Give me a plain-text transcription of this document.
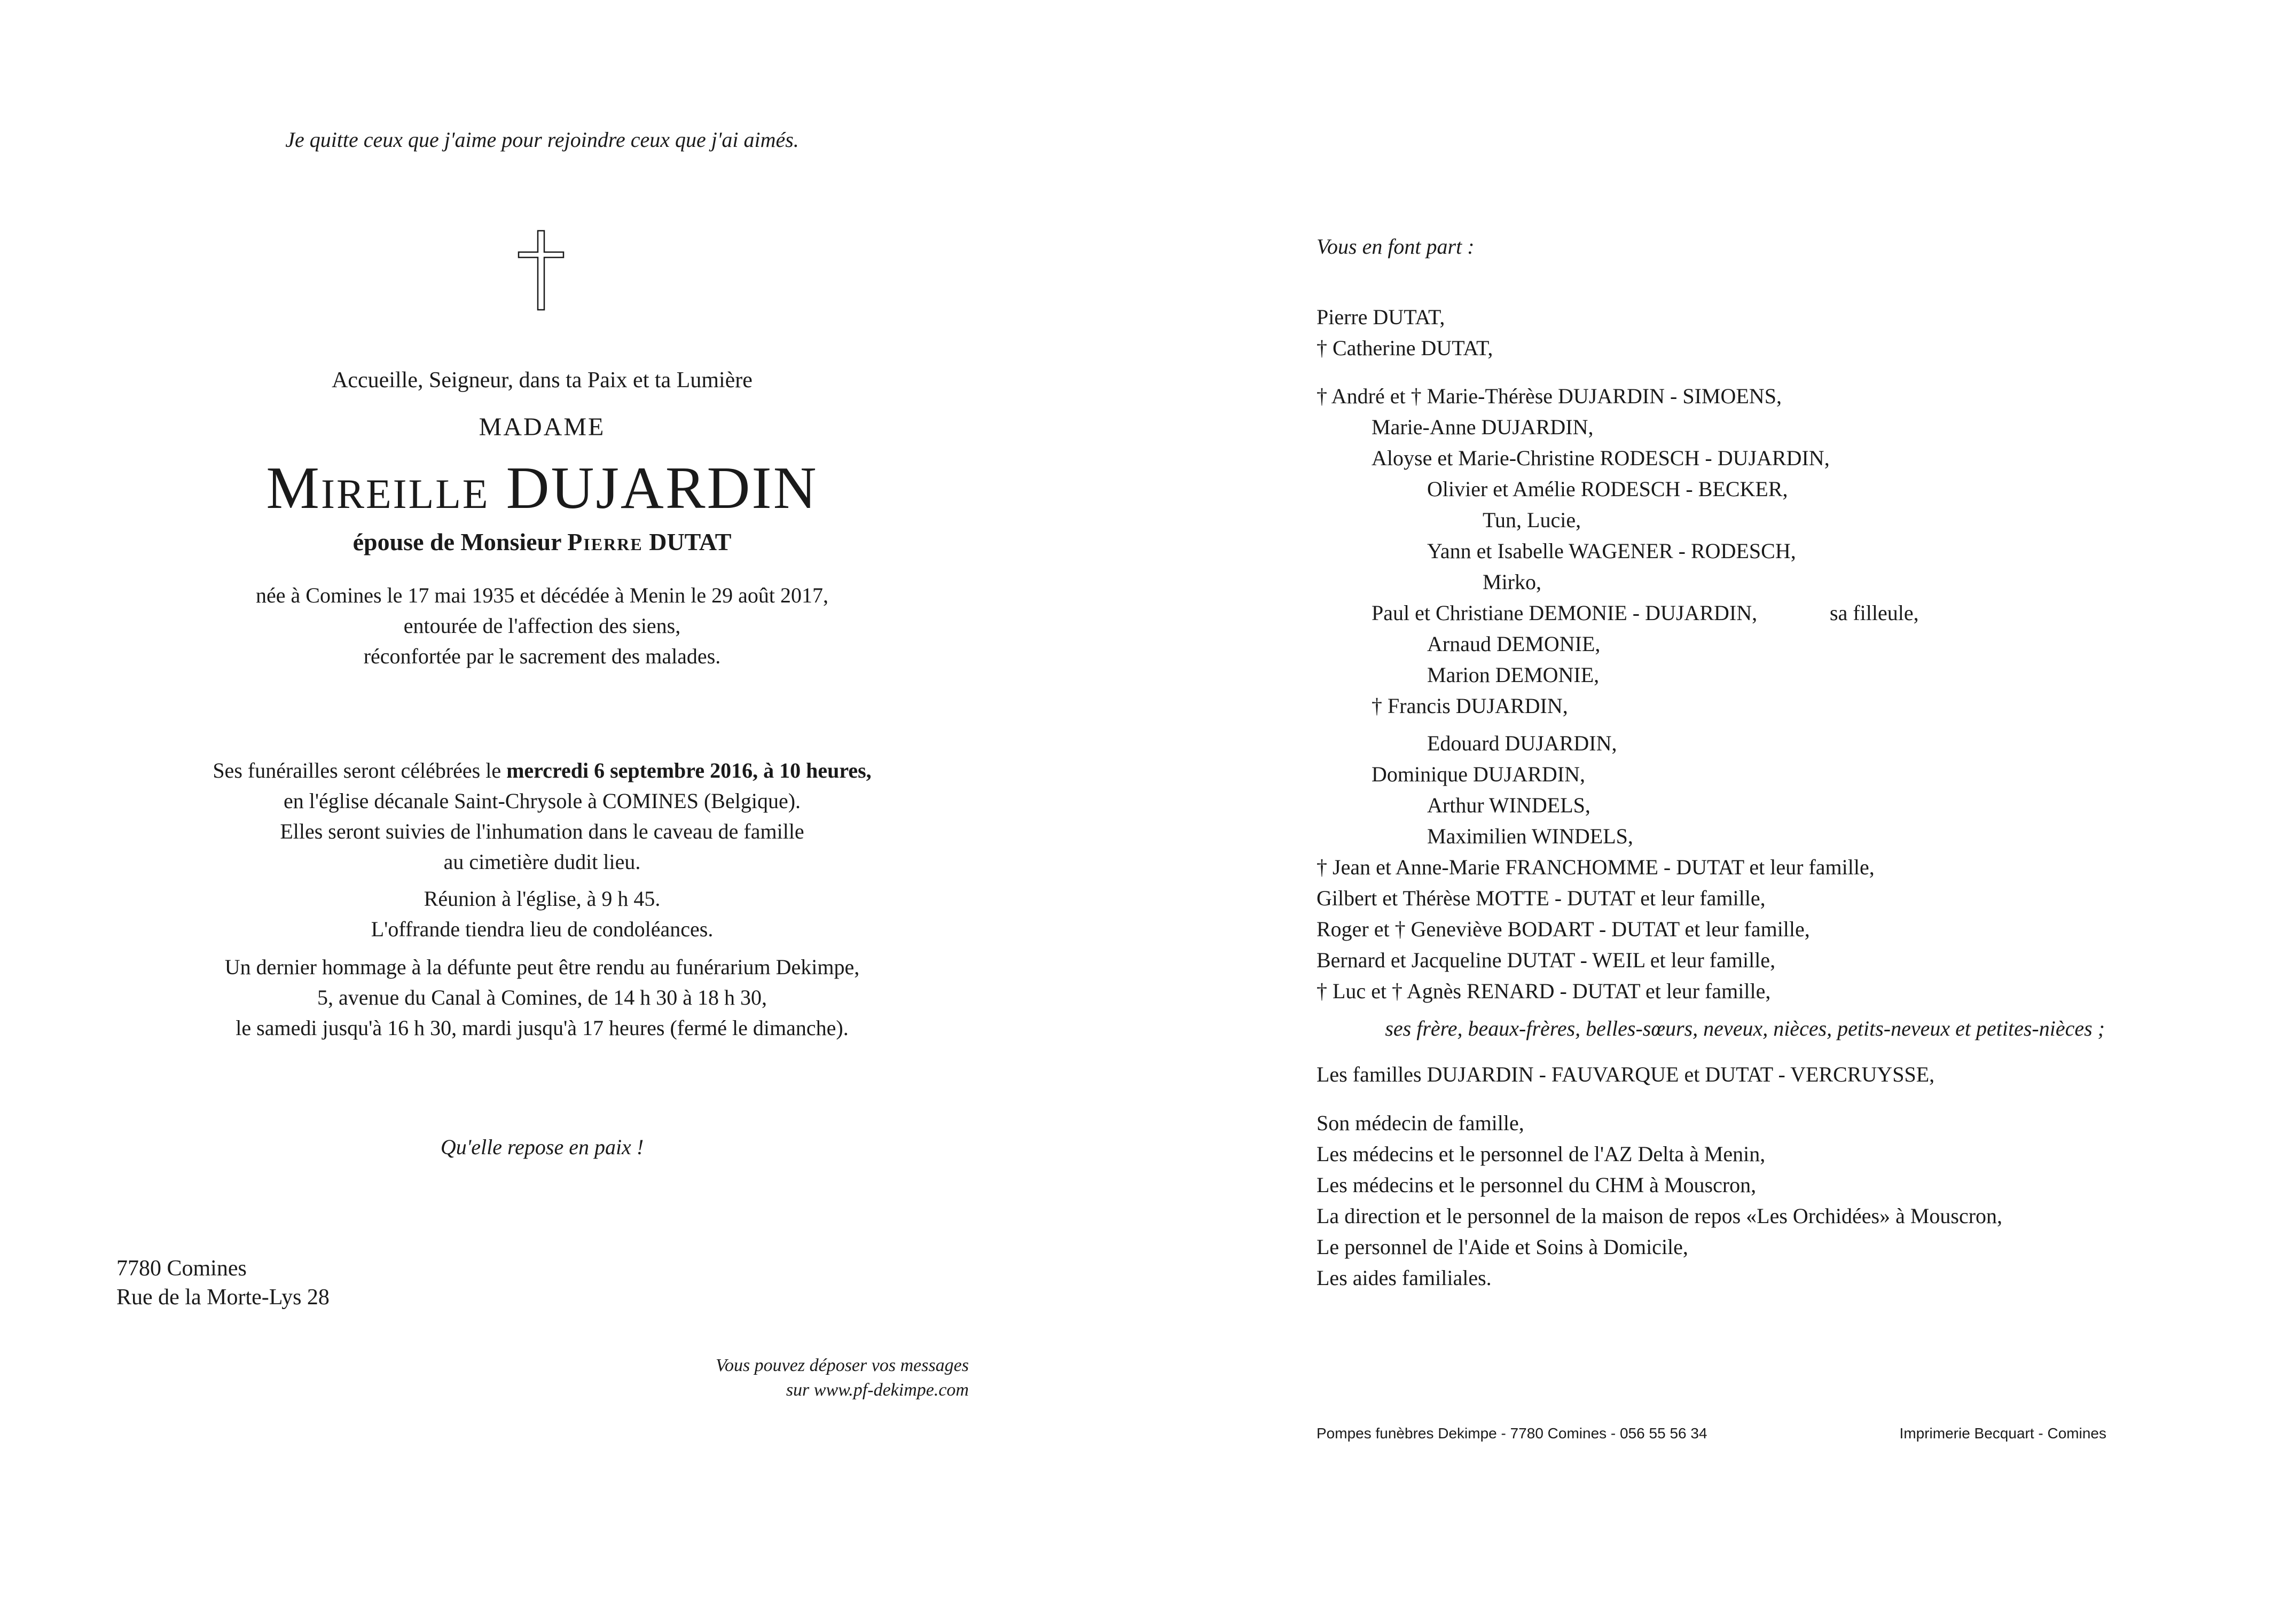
Je quitte ceux que j'aime pour rejoindre ceux que j'ai aimés.
Accueille, Seigneur, dans ta Paix et ta Lumière
MADAME
Mireille DUJARDIN
épouse de Monsieur Pierre DUTAT
née à Comines le 17 mai 1935 et décédée à Menin le 29 août 2017,
entourée de l'affection des siens,
réconfortée par le sacrement des malades.
Ses funérailles seront célébrées le mercredi 6 septembre 2016, à 10 heures,
en l'église décanale Saint-Chrysole à COMINES (Belgique).
Elles seront suivies de l'inhumation dans le caveau de famille
au cimetière dudit lieu.
Réunion à l'église, à 9 h 45.
L'offrande tiendra lieu de condoléances.
Un dernier hommage à la défunte peut être rendu au funérarium Dekimpe,
5, avenue du Canal à Comines, de 14 h 30 à 18 h 30,
le samedi jusqu'à 16 h 30, mardi jusqu'à 17 heures (fermé le dimanche).
Qu'elle repose en paix !
7780 Comines
Rue de la Morte-Lys 28
Vous pouvez déposer vos messages
sur www.pf-dekimpe.com
Vous en font part :
Pierre DUTAT,
† Catherine DUTAT,
† André et † Marie-Thérèse DUJARDIN - SIMOENS,
Marie-Anne DUJARDIN,
Aloyse et Marie-Christine RODESCH - DUJARDIN,
Olivier et Amélie RODESCH - BECKER,
Tun, Lucie,
Yann et Isabelle WAGENER - RODESCH,
Mirko,
Paul et Christiane DEMONIE - DUJARDIN,	sa filleule,
Arnaud DEMONIE,
Marion DEMONIE,
† Francis DUJARDIN,
Edouard DUJARDIN,
Dominique DUJARDIN,
Arthur WINDELS,
Maximilien WINDELS,
† Jean et Anne-Marie FRANCHOMME - DUTAT et leur famille,
Gilbert et Thérèse MOTTE - DUTAT et leur famille,
Roger et † Geneviève BODART - DUTAT et leur famille,
Bernard et Jacqueline DUTAT - WEIL et leur famille,
† Luc et † Agnès RENARD - DUTAT et leur famille,
ses frère, beaux-frères, belles-sœurs, neveux, nièces, petits-neveux et petites-nièces ;
Les familles DUJARDIN - FAUVARQUE et DUTAT - VERCRUYSSE,
Son médecin de famille,
Les médecins et le personnel de l'AZ Delta à Menin,
Les médecins et le personnel du CHM à Mouscron,
La direction et le personnel de la maison de repos «Les Orchidées» à Mouscron,
Le personnel de l'Aide et Soins à Domicile,
Les aides familiales.
Pompes funèbres Dekimpe - 7780 Comines - 056 55 56 34	Imprimerie Becquart - Comines
